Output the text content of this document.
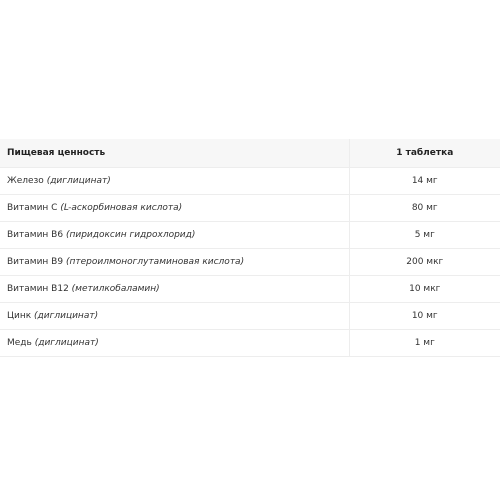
Пищевая ценность	1 таблетка
Железо (диглицинат)	14 мг
Витамин С (L-аскорбиновая кислота)	80 мг
Витамин В6 (пиридоксин гидрохлорид)	5 мг
Витамин В9 (птероилмоноглутаминовая кислота)	200 мкг
Витамин В12 (метилкобаламин)	10 мкг
Цинк (диглицинат)	10 мг
Медь (диглицинат)	1 мг
